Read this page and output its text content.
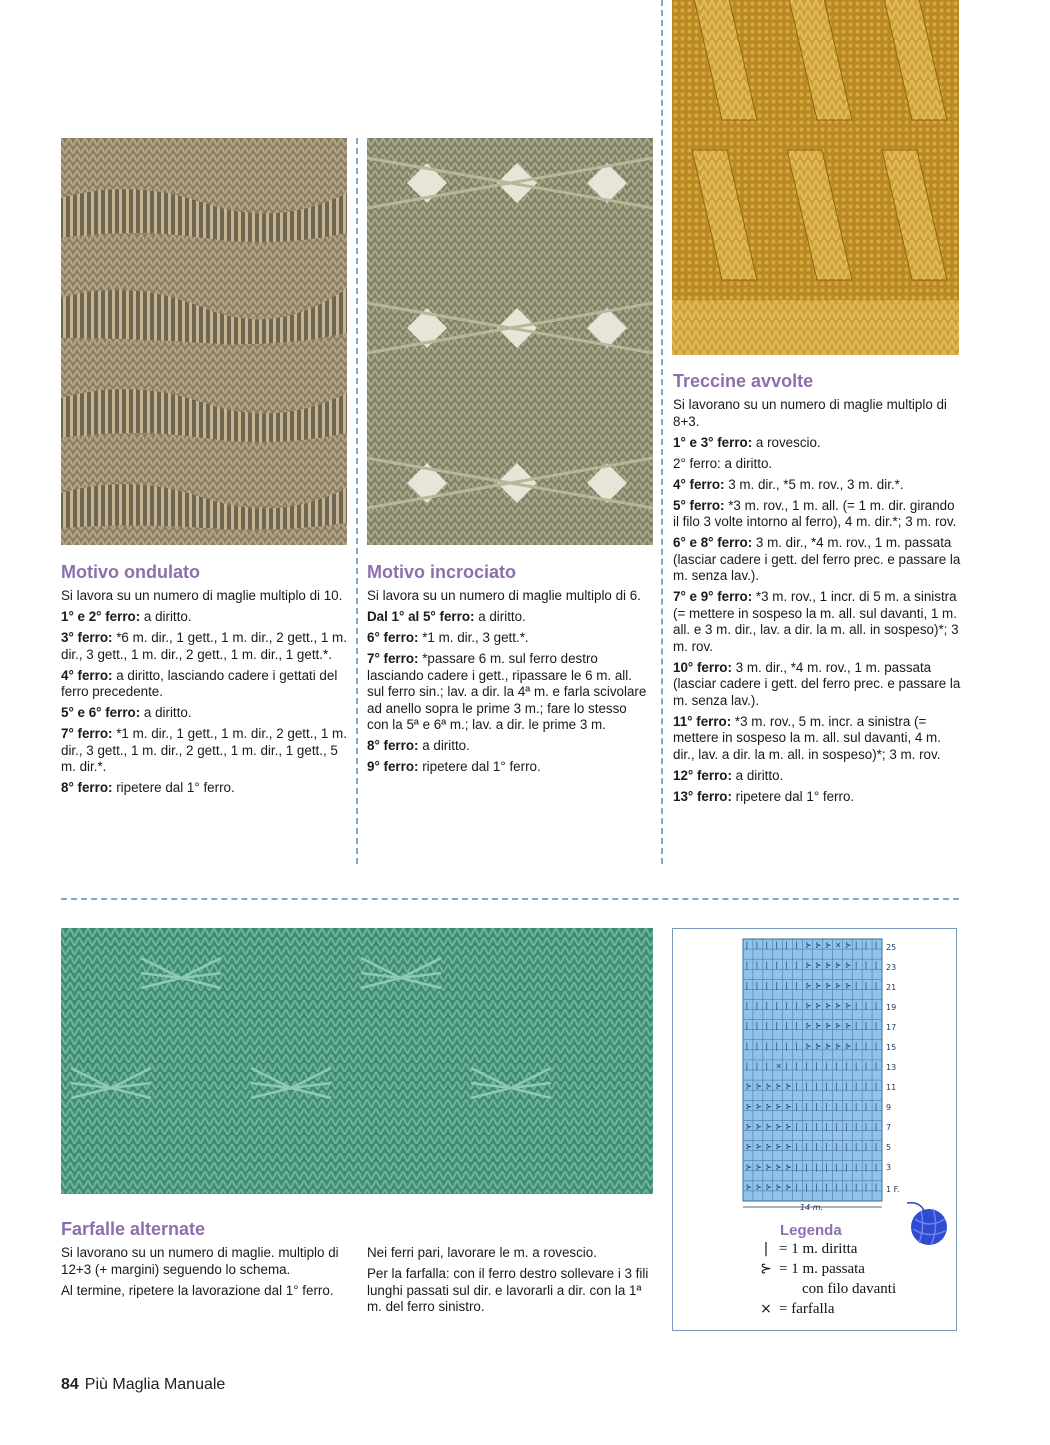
Motivo ondulato

Si lavora su un numero di maglie multiplo di 10.

1° e 2° ferro: a diritto.

3° ferro: *6 m. dir., 1 gett., 1 m. dir., 2 gett., 1 m. dir., 3 gett., 1 m. dir., 2 gett., 1 m. dir., 1 gett.*.

4° ferro: a diritto, lasciando cadere i gettati del ferro precedente.

5° e 6° ferro: a diritto.

7° ferro: *1 m. dir., 1 gett., 1 m. dir., 2 gett., 1 m. dir., 3 gett., 1 m. dir., 2 gett., 1 m. dir., 1 gett., 5 m. dir.*.

8° ferro: ripetere dal 1° ferro.

Motivo incrociato

Si lavora su un numero di maglie multiplo di 6.

Dal 1° al 5° ferro: a diritto.

6° ferro: *1 m. dir., 3 gett.*.

7° ferro: *passare 6 m. sul ferro destro lasciando cadere i gett., ripassare le 6 m. all. sul ferro sin.; lav. a dir. la 4ª m. e farla scivolare ad anello sopra le prime 3 m.; fare lo stesso con la 5ª e 6ª m.; lav. a dir. le prime 3 m.

8° ferro: a diritto.

9° ferro: ripetere dal 1° ferro.

Treccine avvolte

Si lavorano su un numero di maglie multiplo di 8+3.

1° e 3° ferro: a rovescio.

2° ferro: a diritto.

4° ferro: 3 m. dir., *5 m. rov., 3 m. dir.*.

5° ferro: *3 m. rov., 1 m. all. (= 1 m. dir. girando il filo 3 volte intorno al ferro), 4 m. dir.*; 3 m. rov.

6° e 8° ferro: 3 m. dir., *4 m. rov., 1 m. passata (lasciar cadere i gett. del ferro prec. e passare la m. senza lav.).

7° e 9° ferro: *3 m. rov., 1 incr. di 5 m. a sinistra (= mettere in sospeso la m. all. sul davanti, 1 m. all. e 3 m. dir., lav. a dir. la m. all. in sospeso)*; 3 m. rov.

10° ferro: 3 m. dir., *4 m. rov., 1 m. passata (lasciar cadere i gett. del ferro prec. e passare la m. senza lav.).

11° ferro: *3 m. rov., 5 m. incr. a sinistra (= mettere in sospeso la m. all. sul davanti, 4 m. dir., lav. a dir. la m. all. in sospeso)*; 3 m. rov.

12° ferro: a diritto.

13° ferro: ripetere dal 1° ferro.

Farfalle alternate

Si lavorano su un numero di maglie. multiplo di 12+3 (+ margini) seguendo lo schema.

Al termine, ripetere la lavorazione dal 1° ferro.

Nei ferri pari, lavorare le m. a rovescio.

Per la farfalla: con il ferro destro sollevare i 3 fili lunghi passati sul dir. e lavorarli a dir. con la 1ª m. del ferro sinistro.

| | | | | | ⊱ ⊱ ⊱ × ⊱ | | |
| | | | | | ⊱ ⊱ ⊱ ⊱ ⊱ | | |
| | | | | | ⊱ ⊱ ⊱ ⊱ ⊱ | | |
| | | | | | ⊱ ⊱ ⊱ ⊱ ⊱ | | |
| | | | | | ⊱ ⊱ ⊱ ⊱ ⊱ | | |
| | | | | | ⊱ ⊱ ⊱ ⊱ ⊱ | | |
| | | × | | | | | | | | | |
⊱ ⊱ ⊱ ⊱ ⊱ | | | | | | | | |
⊱ ⊱ ⊱ ⊱ ⊱ | | | | | | | | |
⊱ ⊱ ⊱ ⊱ ⊱ | | | | | | | | |
⊱ ⊱ ⊱ ⊱ ⊱ | | | | | | | | |
⊱ ⊱ ⊱ ⊱ ⊱ | | | | | | | | |
⊱ ⊱ ⊱ ⊱ ⊱ | | | | | | | | |
25
23
21
19
17
15
13
11
9
7
5
3
1 F.
14 m.
Legenda
| = 1 m. diritta
⊱ = 1 m. passata
con filo davanti
× = farfalla
84 Più Maglia Manuale
